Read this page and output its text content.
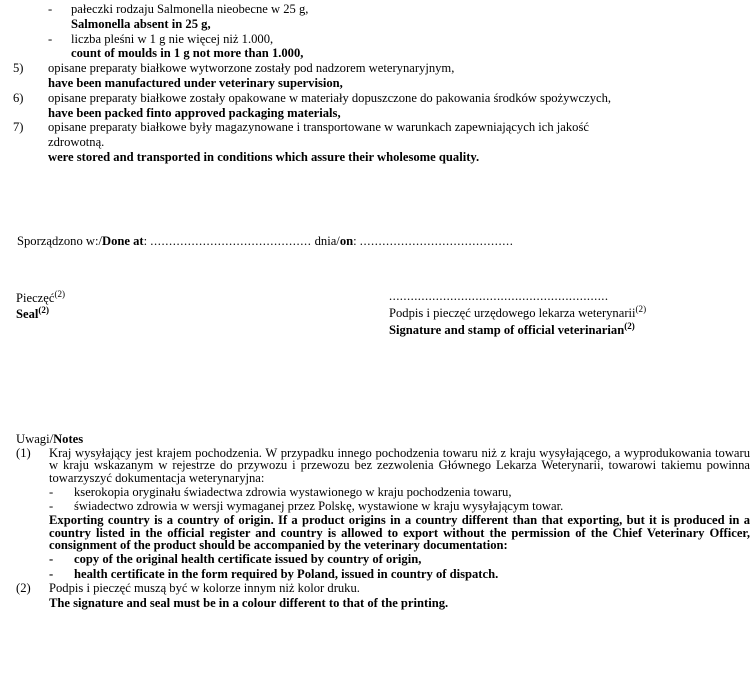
-	pałeczki rodzaju Salmonella nieobecne w 25 g,
Salmonella absent in 25 g,
-	liczba pleśni w 1 g nie więcej niż 1.000,
count of moulds in 1 g not more than 1.000,
5)	opisane preparaty białkowe wytworzone zostały pod nadzorem weterynaryjnym,
have been manufactured under veterinary supervision,
6)	opisane preparaty białkowe zostały opakowane w materiały dopuszczone do pakowania środków spożywczych,
have been packed finto approved packaging materials,
7)	opisane preparaty białkowe były magazynowane i transportowane w warunkach zapewniających ich jakość
zdrowotną.
were stored and transported in conditions which assure their wholesome quality.
Sporządzono w:/Done at: ........................................... dnia/on: .........................................
Pieczęć$^{(2)}$
Seal$^{(2)}$
.............................................................
Podpis i pieczęć urzędowego lekarza weterynarii$^{(2)}$
Signature and stamp of official veterinarian$^{(2)}$
Uwagi/Notes
(1)	Kraj wysyłający jest krajem pochodzenia. W przypadku innego pochodzenia towaru niż z kraju wysyłającego, a wyprodukowania towaru w kraju wskazanym w rejestrze do przywozu i przewozu bez zezwolenia Głównego Lekarza Weterynarii, towarowi takiemu powinna towarzyszyć dokumentacja weterynaryjna:
-	kserokopia oryginału świadectwa zdrowia wystawionego w kraju pochodzenia towaru,
-	świadectwo zdrowia w wersji wymaganej przez Polskę, wystawione w kraju wysyłającym towar.
Exporting country is a country of origin. If a product origins in a country different than that exporting, but it is produced in a country listed in the official register and country is allowed to export without the permission of the Chief Veterinary Officer, consignment of the product should be accompanied by the veterinary documentation:
-	copy of the original health certificate issued by country of origin,
-	health certificate in the form required by Poland, issued in country of dispatch.
(2)	Podpis i pieczęć muszą być w kolorze innym niż kolor druku.
The signature and seal must be in a colour different to that of the printing.
